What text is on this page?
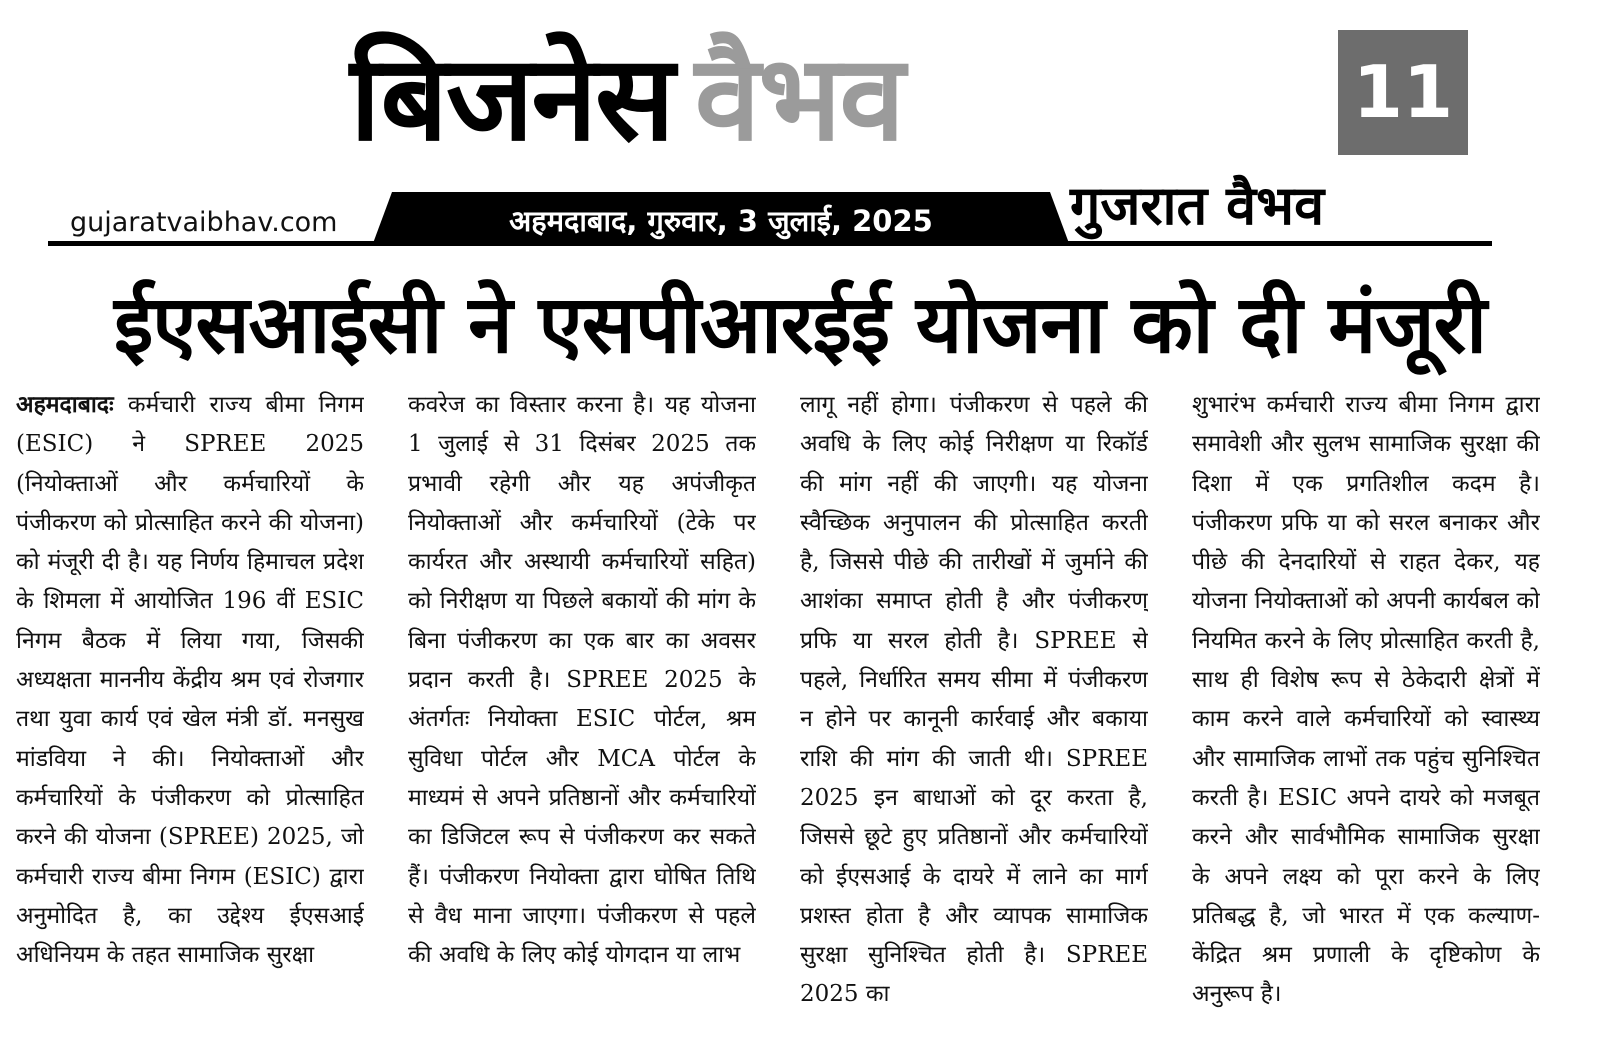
बिजनेस वैभव	11
gujaratvaibhav.com	अहमदाबाद, गुरुवार, 3 जुलाई, 2025	गुजरात वैभव
ईएसआईसी ने एसपीआरईई योजना को दी मंजूरी
अहमदाबादः कर्मचारी राज्य बीमा निगम (ESIC) ने SPREE 2025 (नियोक्ताओं और कर्मचारियों के पंजीकरण को प्रोत्साहित करने की योजना) को मंजूरी दी है। यह निर्णय हिमाचल प्रदेश के शिमला में आयोजित 196 वीं ESIC निगम बैठक में लिया गया, जिसकी अध्यक्षता माननीय केंद्रीय श्रम एवं रोजगार तथा युवा कार्य एवं खेल मंत्री डॉ. मनसुख मांडविया ने की। नियोक्ताओं और कर्मचारियों के पंजीकरण को प्रोत्साहित करने की योजना (SPREE) 2025, जो कर्मचारी राज्य बीमा निगम (ESIC) द्वारा अनुमोदित है, का उद्देश्य ईएसआई अधिनियम के तहत सामाजिक सुरक्षा
कवरेज का विस्तार करना है। यह योजना 1 जुलाई से 31 दिसंबर 2025 तक प्रभावी रहेगी और यह अपंजीकृत नियोक्ताओं और कर्मचारियों (टेके पर कार्यरत और अस्थायी कर्मचारियों सहित) को निरीक्षण या पिछले बकायों की मांग के बिना पंजीकरण का एक बार का अवसर प्रदान करती है। SPREE 2025 के अंतर्गतः नियोक्ता ESIC पोर्टल, श्रम सुविधा पोर्टल और MCA पोर्टल के माध्यमं से अपने प्रतिष्ठानों और कर्मचारियों का डिजिटल रूप से पंजीकरण कर सकते हैं। पंजीकरण नियोक्ता द्वारा घोषित तिथि से वैध माना जाएगा। पंजीकरण से पहले की अवधि के लिए कोई योगदान या लाभ
लागू नहीं होगा। पंजीकरण से पहले की अवधि के लिए कोई निरीक्षण या रिकॉर्ड की मांग नहीं की जाएगी। यह योजना स्वैच्छिक अनुपालन की प्रोत्साहित करती है, जिससे पीछे की तारीखों में जुर्माने की आशंका समाप्त होती है और पंजीकरण् प्रफि या सरल होती है। SPREE से पहले, निर्धारित समय सीमा में पंजीकरण न होने पर कानूनी कार्रवाई और बकाया राशि की मांग की जाती थी। SPREE 2025 इन बाधाओं को दूर करता है, जिससे छूटे हुए प्रतिष्ठानों और कर्मचारियों को ईएसआई के दायरे में लाने का मार्ग प्रशस्त होता है और व्यापक सामाजिक सुरक्षा सुनिश्चित होती है। SPREE 2025 का
शुभारंभ कर्मचारी राज्य बीमा निगम द्वारा समावेशी और सुलभ सामाजिक सुरक्षा की दिशा में एक प्रगतिशील कदम है। पंजीकरण प्रफि या को सरल बनाकर और पीछे की देनदारियों से राहत देकर, यह योजना नियोक्ताओं को अपनी कार्यबल को नियमित करने के लिए प्रोत्साहित करती है, साथ ही विशेष रूप से ठेकेदारी क्षेत्रों में काम करने वाले कर्मचारियों को स्वास्थ्य और सामाजिक लाभों तक पहुंच सुनिश्चित करती है। ESIC अपने दायरे को मजबूत करने और सार्वभौमिक सामाजिक सुरक्षा के अपने लक्ष्य को पूरा करने के लिए प्रतिबद्ध है, जो भारत में एक कल्याण-केंद्रित श्रम प्रणाली के दृष्टिकोण के अनुरूप है।
